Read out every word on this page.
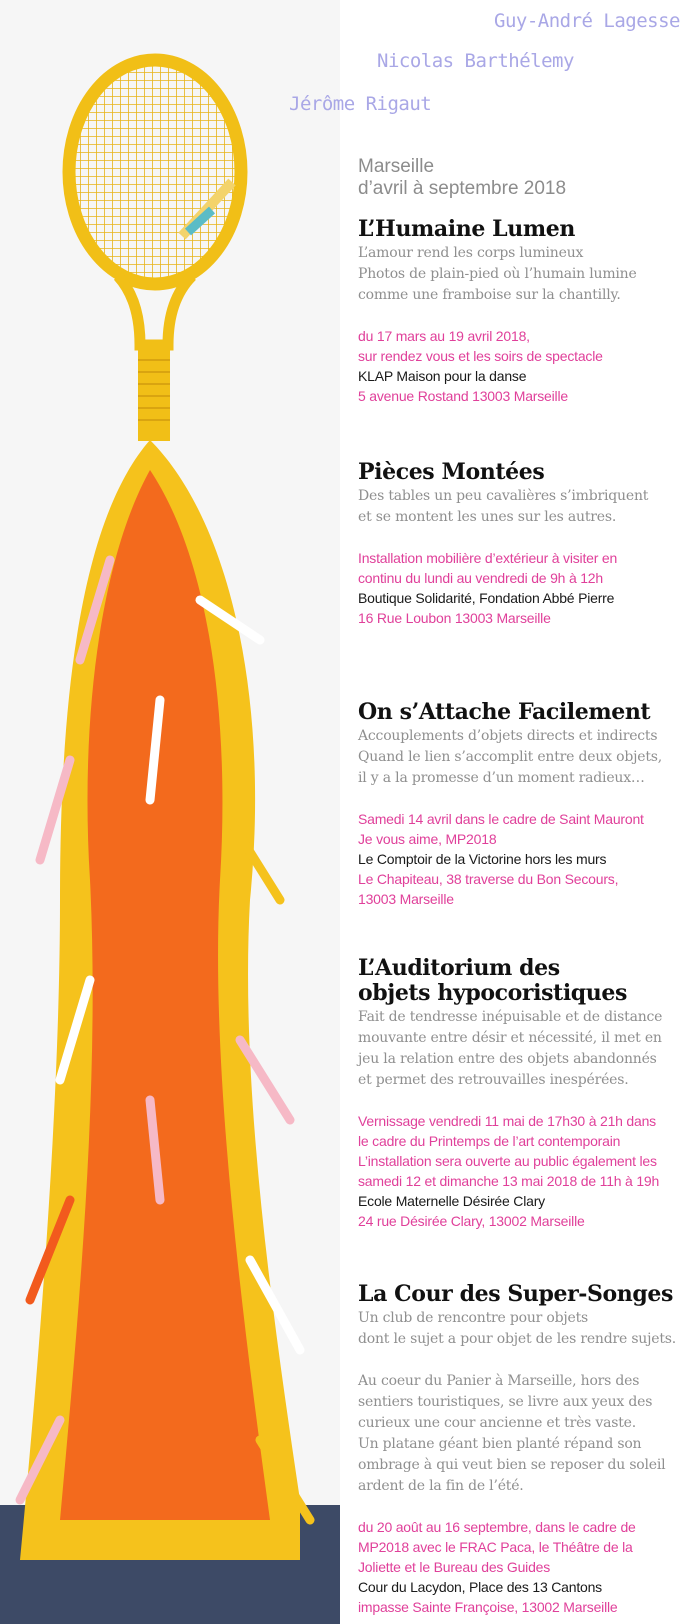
Guy-André Lagesse
Nicolas Barthélemy
Jérôme Rigaut
Marseille
d’avril à septembre 2018
L’Humaine Lumen
L’amour rend les corps lumineux
Photos de plain-pied où l’humain lumine
comme une framboise sur la chantilly.
du 17 mars au 19 avril 2018,
sur rendez vous et les soirs de spectacle
KLAP Maison pour la danse
5 avenue Rostand 13003 Marseille
Pièces Montées
Des tables un peu cavalières s’imbriquent
et se montent les unes sur les autres.
Installation mobilière d’extérieur à visiter en
continu du lundi au vendredi de 9h à 12h
Boutique Solidarité, Fondation Abbé Pierre
16 Rue Loubon 13003 Marseille
On s’Attache Facilement
Accouplements d’objets directs et indirects
Quand le lien s’accomplit entre deux objets,
il y a la promesse d’un moment radieux…
Samedi 14 avril dans le cadre de Saint Mauront
Je vous aime, MP2018
Le Comptoir de la Victorine hors les murs
Le Chapiteau, 38 traverse du Bon Secours,
13003 Marseille
L’Auditorium des
objets hypocoristiques
Fait de tendresse inépuisable et de distance
mouvante entre désir et nécessité, il met en
jeu la relation entre des objets abandonnés
et permet des retrouvailles inespérées.
Vernissage vendredi 11 mai de 17h30 à 21h dans
le cadre du Printemps de l’art contemporain
L’installation sera ouverte au public également les
samedi 12 et dimanche 13 mai 2018 de 11h à 19h
Ecole Maternelle Désirée Clary
24 rue Désirée Clary, 13002 Marseille
La Cour des Super-Songes
Un club de rencontre pour objets
dont le sujet a pour objet de les rendre sujets.
Au coeur du Panier à Marseille, hors des
sentiers touristiques, se livre aux yeux des
curieux une cour ancienne et très vaste.
Un platane géant bien planté répand son
ombrage à qui veut bien se reposer du soleil
ardent de la fin de l’été.
du 20 août au 16 septembre, dans le cadre de
MP2018 avec le FRAC Paca, le Théâtre de la
Joliette et le Bureau des Guides
Cour du Lacydon, Place des 13 Cantons
impasse Sainte Françoise, 13002 Marseille
